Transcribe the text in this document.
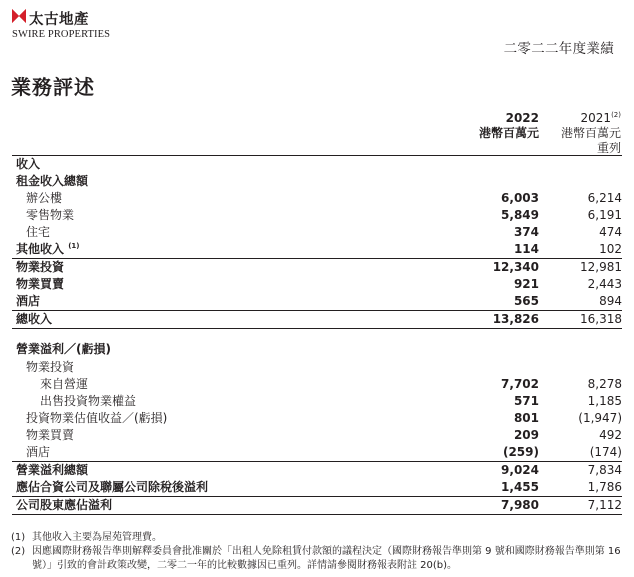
太古地產
SWIRE PROPERTIES
二零二二年度業績
業務評述
2022
港幣百萬元
2021$^{(2)}$
港幣百萬元
重列
收入
租金收入總額
辦公樓	6,003	6,214
零售物業	5,849	6,191
住宅	374	474
其他收入 $^{(1)}$	114	102
物業投資	12,340	12,981
物業買賣	921	2,443
酒店	565	894
總收入	13,826	16,318
營業溢利／(虧損)
物業投資
來自營運	7,702	8,278
出售投資物業權益	571	1,185
投資物業估值收益／(虧損)	801	(1,947)
物業買賣	209	492
酒店	(259)	(174)
營業溢利總額	9,024	7,834
應佔合資公司及聯屬公司除稅後溢利	1,455	1,786
公司股東應佔溢利	7,980	7,112
(1) 其他收入主要為屋苑管理費。
(2) 因應國際財務報告準則解釋委員會批准關於「出租人免除租賃付款額的議程決定（國際財務報告準則第 9 號和國際財務報告準則第 16 號）」引致的會計政策改變，二零二一年的比較數據因已重列。詳情請參閱財務報表附註 20(b)。
